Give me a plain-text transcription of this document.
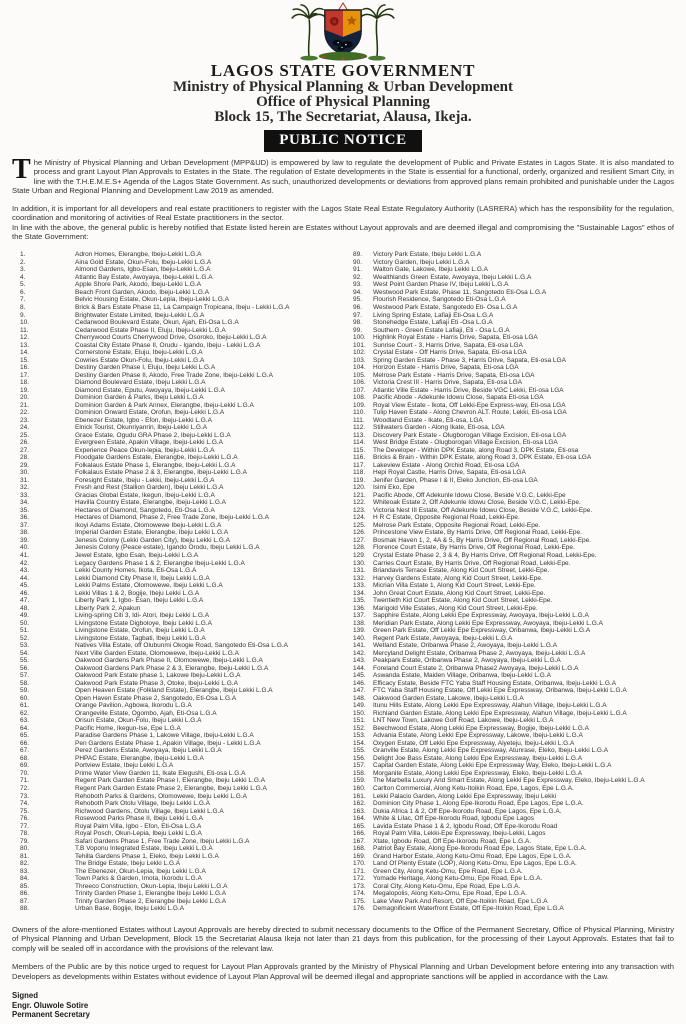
LAGOS STATE GOVERNMENT
Ministry of Physical Planning & Urban Development
Office of Physical Planning
Block 15, The Secretariat, Alausa, Ikeja.
PUBLIC NOTICE

The Ministry of Physical Planning and Urban Development (MPP&UD) is empowered by law to regulate the development of Public and Private Estates in Lagos State. It is also mandated to process and grant Layout Plan Approvals to Estates in the State. The regulation of Estate developments in the State is essential for a functional, orderly, organized and resilient Smart City, in line with the T.H.E.M.E.S+ Agenda of the Lagos State Government. As such, unauthorized developments or deviations from approved plans remain prohibited and punishable under the Lagos State Urban and Regional Planning and Development Law 2019 as amended.

In addition, it is important for all developers and real estate practitioners to register with the Lagos State Real Estate Regulatory Authority (LASRERA) which has the responsibility for the regulation, coordination and monitoring of activities of Real Estate practitioners in the sector.

In line with the above, the general public is hereby notified that Estate listed herein are Estates without Layout approvals and are deemed illegal and compromising the "Sustainable Lagos" ethos of the State Government:

1.	Adron Homes, Elerangbe, Ibeju-Lekki L.G.A
2.	Aina Gold Estate, Okun-Folu, Ibeju-Lekki L.G.A
3.	Almond Gardens, Igbo-Esan, Ibeju-Lekki L.G.A
4.	Atlantic Bay Estate, Awoyaya, Ibeju-Lekki L.G.A
5.	Apple Shore Park, Akodo, Ibeju-Lekki L.G.A
6.	Beach Front Garden, Akodo, Ibeju-Lekki L.G.A
7.	Belvic Housing Estate, Okun-Lepia, Ibeju-Lekki L.G.A
8.	Brick & Bars Estate Phase 11, La Campaign Tropicana, Ibeju - Lekki L.G.A
9.	Brightwater Estate Limited, Ibeju-Lekki L.G.A
10.	Cedarwood Boulevard Estate, Okun, Ajah, Eti-Osa L.G.A
11.	Cedarwood Estate Phase II, Eluju, Ibeju-Lekki L.G.A
12.	Cherrywood Courts Cherrywood Drive, Osoroko, Ibeju-Lekki L.G.A
13.	Coastal City Estate Phase II, Orudu - Igando, Ibeju - Lekki L.G.A
14.	Cornerstone Estate, Eluju, Ibeju-Lekki L.G.A
15.	Cowries Estate Okun-Folu, Ibeju-Lekki L.G.A
16.	Destiny Garden Phase I, Eluju, Ibeju Lekki L.G.A
17.	Destiny Garden Phase II, Akodo, Free Trade Zone, Ibeju-Lekki L.G.A
18.	Diamond Boulevard Estate, Ibeju Lekki L.G.A
19.	Diamond Estate, Eputu, Awoyaya, Ibeju-Lekki L.G.A
20.	Dominion Garden & Parks, Ibeju Lekki L.G.A
21.	Dominion Garden & Park Annex, Elerangbe, Ibeju-Lekki L.G.A
22.	Dominion Onward Estate, Orofun, Ibeju-Lekki L.G.A
23.	Ebenezer Estate, Igbo - Efon, Ibeju-Lekki L.G.A
24.	Elnick Tourist, Okunriyanrin, Ibeju-Lekki L.G.A
25.	Grace Estate, Ogudu GRA Phase 2, Ibeju-Lekki L.G.A
26.	Evergreen Estate, Apakin Village, Ibeju-Lekki L.G.A
27.	Experience Peace Okun-lepia, Ibeju-Lekki L.G.A
28.	Floodgate Gardens Estate, Elerangbe, Ibeju-Lekki L.G.A
29.	Folkalaus Estate Phase 1, Elerangbe, Ibeju-Lekki L.G.A
30.	Folkalaus Estate Phase 2 & 3, Elerangbe, Ibeju-Lekki L.G.A
31.	Foresight Estate, Ibeju - Lekki, Ibeju-Lekki L.G.A
32.	Fresh and Rest (Stallion Garden), Ibeju Lekki L.G.A
33.	Gracias Global Estate, Ikegun, Ibeju-Lekki L.G.A
34.	Havilla Country Estate, Elerangbe, Ibeju-Lekki L.G.A
35.	Hectares of Diamond, Sangotedo, Eti-Osa L.G.A
36.	Hectares of Diamond, Phase 2, Free Trade Zone, Ibeju-Lekki L.G.A
37.	Ikoyi Adams Estate, Olomowewe Ibeju-Lekki L.G.A
38.	Imperial Garden Estate, Elerangbe, Ibeju Lekki L.G.A
39.	Jenesis Colony (Lekki Garden City), Ibeju Lekki L.G.A
40.	Jenesis Colony (Peace estate), Igando Orodu, Ibeju Lekki L.G.A
41.	Jewel Estate, Igbo Esan, Ibeju-Lekki L.G.A
42.	Legacy Gardens Phase 1 & 2, Elerangbe Ibeju-Lekki L.G.A
43.	Lekki County Homes, Ikota, Eti-Osa L.G.A
44.	Lekki Diamond City Phase II, Ibeju Lekki L.G.A
45.	Lekki Palms Estate, Olomowewe, Ibeju Lekki L.G.A
46.	Lekki Villas 1 & 2, Bogije, Ibeju Lekki L.G.A
47.	Liberty Park 1, Igbo- Esan, Ibeju Lekki L.G.A
48.	Liberty Park 2, Apakun
49.	Living-spring Citi 3, Idi- Atori, Ibeju Lekki L.G.A
50.	Livingstone Estate Digboloye, Ibeju Lekki L.G.A
51.	Livingstone Estate, Orofun, Ibeju Lekki L.G.A
52.	Livingstone Estate, Tagbati, Ibeju Lekki L.G.A
53.	Natives Villa Estate, off Olubunmi Okogie Road, Sangotedo Eti-Osa L.G.A
54.	Next Ville Garden Estate, Olomowewe, Ibeju-Lekki L.G.A
55.	Oakwood Gardens Park Phase II, Olomowewe, Ibeju-Lekki L.G.A
56.	Oakwood Gardens Park Phase 2 & 3, Elerangbe, Ibeju-Lekki L.G.A
57.	Oakwood Park Estate phase 1, Lakowe Ibeju-Lekki L.G.A
58.	Oakwood Park Estate Phase 3, Otoke, Ibeju-Lekki L.G.A
59.	Open Heaven Estate (Folkland Estate), Elerangbe, Ibeju Lekki L.G.A
60.	Open Haven Estate Phase 2, Sangotedo, Eti-Osa L.G.A
61.	Orange Pavilion, Agbowa, Ikorodu L.G.A
62.	Orangeville Estate, Ogombo, Ajah, Eti-Osa L.G.A
63.	Orisun Estate, Okun-Folu, Ibeju Lekki L.G.A
64.	Pacific Home, Ikegun-Ise, Epe L.G.A
65.	Paradise Gardens Phase 1, Lakowe Village, Ibeju-Lekki L.G.A
66.	Pen Gardens Estate Phase 1, Apakin Village, Ibeju - Lekki L.G.A
67.	Perez Gardens Estate, Awoyaya, Ibeju Lekki L.G.A
68.	PHPAC Estate, Elerangbe, Ibeju-Lekki L.G.A
69.	Portview Estate, Ibeju Lekki L.G.A
70.	Prime Water View Garden 11, Ikate Elegushi, Eti-osa L.G.A
71.	Regent Park Garden Estate Phase I, Elerangbe, Ibeju Lekki L.G.A
72.	Regent Park Garden Estate Phase 2, Elerangbe, Ibeju Lekki L.G.A
73.	Rehoboth Parks & Gardens, Olomowewe, Ibeju Lekki L.G.A
74.	Rehoboth Park Otolu Village, Ibeju Lekki L.G.A
75.	Richwood Gardens, Otolu Village, Ibeju Lekki L.G.A
76.	Rosewood Parks Phase II, Ibeju Lekki L.G.A
77.	Royal Palm Villa, Igbo - Efon, Eti-Osa L.G.A
78.	Royal Posch, Okun-Lepia, Ibeju Lekki L.G.A
79.	Safari Gardens Phase 1, Free Trade Zone, Ibeju Lekki L.G.A
80.	T.B Voponu Integrated Estate, Ibeju Lekki L.G.A
81.	Tehilla Gardens Phase 1, Eleko, Ibeju Lekki L.G.A
82.	The Bridge Estate, Ibeju Lekki L.G.A
83.	The Ebenezer, Okun-Lepia, Ibeju Lekki L.G.A
84.	Town Parks & Garden, Imota, Ikorodu L.G.A
85.	Threeco Construction, Okun-Lepia, Ibeju Lekki L.G.A
86.	Trinity Garden Phase 1, Elerangbe Ibeju Lekki L.G.A
87.	Trinity Garden Phase 2, Elerangbe Ibeju Lekki L.G.A
88.	Urban Base, Bogije, Ibeju Lekki L.G.A
89.	Victory Park Estate, Ibeju Lekki L.G.A
90.	Victory Garden, Ibeju Lekki L.G.A
91.	Walton Gate, Lakowe, Ibeju Lekki L.G.A
92.	Wealthlands Green Estate, Awoyaya, Ibeju Lekki L.G.A
93.	West Point Garden Phase IV, Ibeju Lekki L.G.A
94.	Westwood Park Estate, Phase 11, Sangotedo Eti-Osa L.G.A
95.	Flourish Residence, Sangotedo Eti-Osa L.G.A
96.	Westwood Park Estate, Sangotedo Eti- Osa L.G.A
97.	Living Spring Estate, Lafiaji Eti-Osa L.G.A
98.	Stonehedge Estate, Lafiaji Eti -Osa L.G.A
99.	Southern - Green Estate Lafiaji, Eti - Osa L.G.A
100.	Highlink Royal Estate - Harris Drive, Sapata, Eti-osa LGA
101.	Sunrise Court - 3, Harris Drive, Sapata, Eti-osa LGA
102.	Crystal Estate - Off Harris Drive, Sapata, Eti-osa LGA
103.	Spring Garden Estate - Phase 3, Harris Drive, Sapata, Eti-osa LGA
104.	Horizon Estate - Harris Drive, Sapata, Eti-osa LGA
105.	Melrose Park Estate - Harris Drive, Sapata, Eti-osa LGA
106.	Victoria Crest III - Harris Drive, Sapata, Eti-osa LGA
107.	Atlantic Ville Estate - Harris Drive, Beside VGC Lekki, Eti-osa LGA
108.	Pacific Abode - Adekunle Idowu Close, Sapata Eti-osa LGA
109.	Royal View Estate - Ikota, Off Lekki-Epe Express-way, Eti-osa LGA
110.	Tulip Haven Estate - Along Chevron ALT. Route, Lekki, Eti-osa LGA
111.	Woodland Estate - Ikate, Eti-osa, LGA
112.	Stillwaters Garden - Along Ikate, Eti-osa, LGA
113.	Discovery Park Estate - Olugborogan Village Excision, Eti-osa LGA
114.	West Bridge Estate - Olugborogan Village Excision, Eti-osa LGA
115.	The Developer - Within DPK Estate, along Road 3, DPK Estate, Eti-osa
116.	Bricks & Brain - Within DPK Estate, along Road 3, DPK Estate, Eti-osa LGA
117.	Lakeview Estate - Along Orchid Road, Eti-osa LGA
118.	Hepi Royal Castle, Harris Drive, Sapata, Eti-osa LGA
119.	Jenifer Garden, Phase I & II, Eleko Junction, Eti-osa LGA
120.	Isimi Eko, Epe
121.	Pacific Abode, Off Adekunle Idowu Close, Beside V.G.C, Lekki-Epe
122.	Whiteoak Estate 2, Off Adekunle Idowu Close, Beside V.G.C, Lekki-Epe.
123.	Victoria Nest III Estate, Off Adekunle Idowu Close, Beside V.G.C, Lekki-Epe.
124.	H R C Estate, Opposite Regional Road, Lekki-Epe.
125.	Melrose Park Estate, Opposite Regional Road, Lekki-Epe.
126.	Princestone View Estate, By Harris Drive, Off Regional Road, Lekki-Epe.
127.	Bosmak Haven 1, 2, 4A & 5, By Harris Drive, Off Regional Road, Lekki-Epe.
128.	Florence Court Estate, By Harris Drive, Off Regional Road, Lekki-Epe.
129.	Crystal Estate Phase 2, 3 & 4, By Harris Drive, Off Regional Road, Lekki-Epe.
130.	Carries Court Estate, By Harris Drive, Off Regional Road, Lekki-Epe.
131.	Briandavis Terrace Estate, Along Kid Court Street, Lekki-Epe.
132.	Harvey Gardens Estate, Along Kid Court Street, Lekki-Epe.
133.	Micrian Villa Estate 1, Along Kid Court Street, Lekki-Epe.
134.	John Great Court Estate, Along Kid Court Street, Lekki-Epe.
135.	Twentieth Kid Court Estate, Along Kid Court Street, Lekki-Epe.
136.	Marigold Ville Estates, Along Kid Court Street, Lekki-Epe.
137.	Sapphire Estate, Along Lekki Epe Expressway, Awoyaya, Ibeju-Lekki L.G.A
138.	Meridian Park Estate, Along Lekki Epe Expressway, Awoyaya, Ibeju-Lekki L.G.A
139.	Green Park Estate, Off Lekki Epe Expressway, Oribanwa, Ibeju-Lekki L.G.A
140.	Regent Park Estate, Awoyaya, Ibeju-Lekki L.G.A
141.	Wetland Estate, Oribanwa Phase 2, Awoyaya, Ibeju-Lekki L.G.A
142.	Mercyland Delight Estate, Oribanwa Phase 2, Awoyaya, Ibeju-Lekki L.G.A
143.	Peakpark Estate, Oribanwa Phase 2, Awoyaya, Ibeju-Lekki L.G.A
144.	Foreland Court Estate 2, Oribanwa Phase2 Awoyaya, Ibeju-Lekki L.G.A
145.	Aswanda Estate, Maiden Village, Oribanwa, Ibeju-Lekki L.G.A
146.	Efficacy Estate, Beside FTC Yaba Staff Housing Estate, Oribanwa, Ibeju-Lekki L.G.A
147.	FTC Yaba Staff Housing Estate, Off Lekki Epe Expressway, Oribanwa, Ibeju-Lekki L.G.A
148.	Oakwood Garden Estate, Lakowe, Ibeju-Lekki L.G.A
149.	Itunu Hills Estate, Along Lekki Epe Expressway, Alahun Village, Ibeju-Lekki L.G.A
150.	Richland Garden Estate, Along Lekki Epe Expressway, Alahun Village, Ibeju-Lekki L.G.A
151.	LNT New Town, Lakowe Golf Road, Lakowe, Ibeju-Lekki L.G.A
152.	Beechwood Estate, Along Lekki Epe Expressway, Bogije, Ibeju-Lekki L.G.A
153.	Advania Estate, Along Lekki Epe Expressway, Lakowe, Ibeju-Lekki L.G.A
154.	Oxygen Estate, Off Lekki Epe Expressway, Aiyeteju, Ibeju-Lekki L.G.A
155.	Granville Estate, Along Lekki Epe Expressway, Atunrase, Eleko, Ibeju-Lekki L.G.A
156.	Delight Joe Bass Estate, Along Lekki Epe Expressway, Ibeju-Lekki L.G.A
157.	Capital Garden Estate, Along Lekki Epe Expressway Way, Eleko, Ibeju-Lekki L.G.A
158.	Morganite Estate, Along Lekki Epe Expressway, Eleko, Ibeju-Lekki L.G.A
159.	The Marbella Luxury And Smart Estate, Along Lekki Epe Expressway, Eleko, Ibeju-Lekki L.G.A
160.	Carlton Commercial, Along Ketu-Itoikin Road, Epe, Lagos, Epe L.G.A.
161.	Lekki Palacio Garden, Along Lekki Epe Expressway, Ibeju Lekki
162.	Dominion City Phase 1, Along Epe-Ikorodu Road, Epe Lagos, Epe L.G.A.
163.	Dukia Africa 1 & 2, Off Epe-Ikorodu Road, Epe Lagos, Epe L.G.A.
164.	White & Lilac, Off Epe-Ikorodu Road, Igbodu Epe Lagos
165.	Lavida Estate Phase 1 & 2, Igbodu Road, Off Epe-Ikorodu Road
166.	Royal Palm Villa, Lekki-Epe Expressway, Ibeju-Lekki, Lagos
167.	Xtate, Igbodu Road, Off Epe-Ikorodu Road, Epe L.G.A.
168.	Patriot Bay Estate, Along Epe-Ikorodu Road Epe, Lagos State, Epe L.G.A.
169.	Grand Harbor Estate, Along Ketu-Omu Road, Epe Lagos, Epe L.G.A.
170.	Land Of Plenty Estate (LOP), Along Ketu-Omu, Epe Lagos, Epe L.G.A.
171.	Green City, Along Ketu-Omu, Epe Road, Epe L.G.A.
172.	Yomade Heritage, Along Ketu-Omu, Epe Road, Epe L.G.A.
173.	Coral City, Along Ketu-Omu, Epe Road, Epe L.G.A.
174.	Megalopolis, Along Ketu-Omu, Epe Road, Epe L.G.A.
175.	Lake View Park And Resort, Off Epe-Itoikin Road, Epe L.G.A
176.	Demagnificient Waterfront Estate, Off Epe-Itoikin Road, Epe L.G.A

Owners of the afore-mentioned Estates without Layout Approvals are hereby directed to submit necessary documents to the Office of the Permanent Secretary, Office of Physical Planning, Ministry of Physical Planning and Urban Development, Block 15 the Secretariat Alausa Ikeja not later than 21 days from this publication, for the processing of their Layout Approvals. Estates that fail to comply will be sealed off in accordance with the provisions of the relevant law.

Members of the Public are by this notice urged to request for Layout Plan Approvals granted by the Ministry of Physical Planning and Urban Development before entering into any transaction with Developers as developments within Estates without evidence of Layout Plan Approval will be deemed illegal and appropriate sanctions will be applied in accordance with the Law.

Signed
Engr. Oluwole Sotire
Permanent Secretary
